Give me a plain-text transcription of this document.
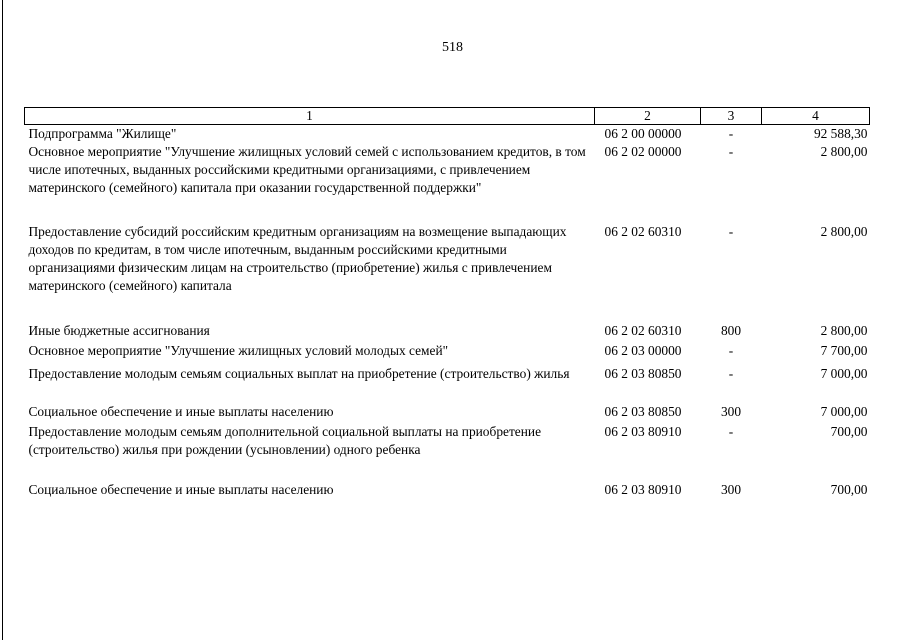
518
1	2	3	4
Подпрограмма "Жилище"	06 2 00 00000	-	92 588,30
Основное мероприятие "Улучшение жилищных условий семей с использованием кредитов, в том числе ипотечных, выданных российскими кредитными организациями, с привлечением материнского (семейного) капитала при оказании государственной поддержки"	06 2 02 00000	-	2 800,00
Предоставление субсидий российским кредитным организациям на возмещение выпадающих доходов по кредитам, в том числе ипотечным, выданным российскими кредитными организациями физическим лицам на строительство (приобретение) жилья с привлечением материнского (семейного) капитала	06 2 02 60310	-	2 800,00
Иные бюджетные ассигнования	06 2 02 60310	800	2 800,00
Основное мероприятие "Улучшение жилищных условий молодых семей"	06 2 03 00000	-	7 700,00
Предоставление молодым семьям социальных выплат на приобретение (строительство) жилья	06 2 03 80850	-	7 000,00
Социальное обеспечение и иные выплаты населению	06 2 03 80850	300	7 000,00
Предоставление молодым семьям дополнительной социальной выплаты на приобретение (строительство) жилья при рождении (усыновлении) одного ребенка	06 2 03 80910	-	700,00
Социальное обеспечение и иные выплаты населению	06 2 03 80910	300	700,00
